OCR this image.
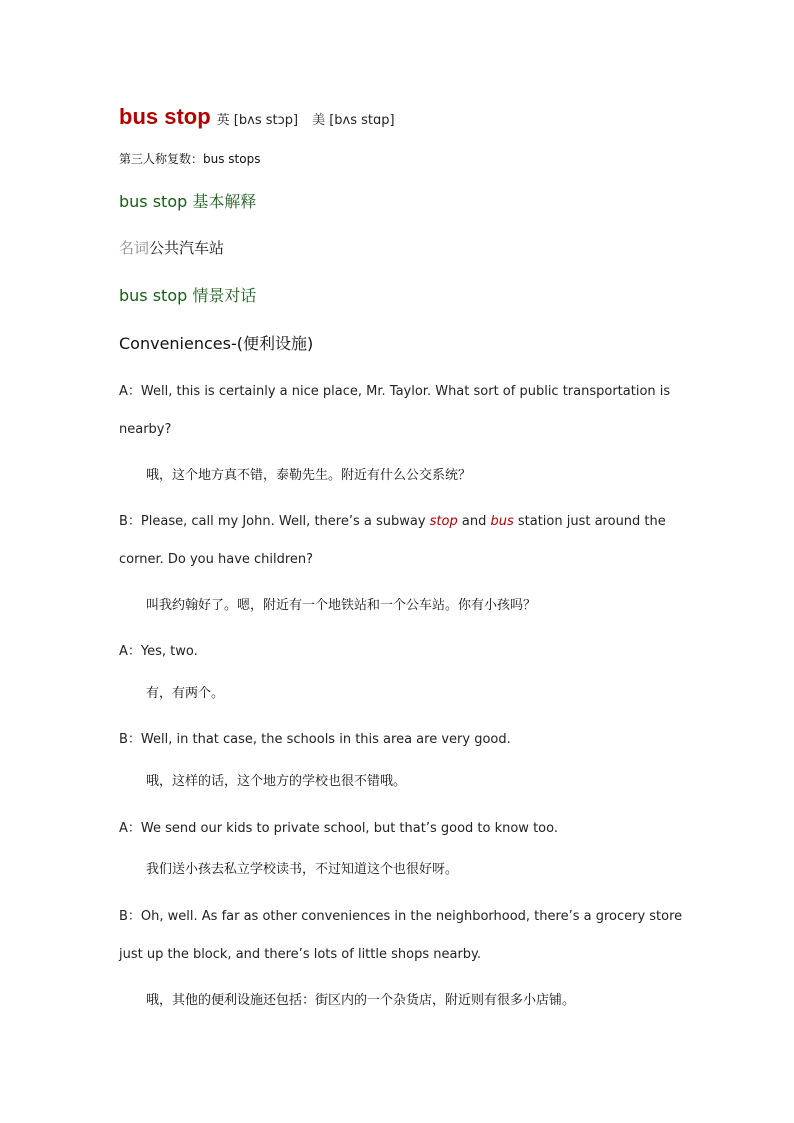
bus stop 英 [bʌs stɔp] 美 [bʌs stɑp]
第三人称复数：bus stops
bus stop 基本解释
名词公共汽车站
bus stop 情景对话
Conveniences-(便利设施)
A：Well, this is certainly a nice place, Mr. Taylor. What sort of public transportation is
nearby?
哦，这个地方真不错，泰勒先生。附近有什么公交系统？
B：Please, call my John. Well, there’s a subway stop and bus station just around the
corner. Do you have children?
叫我约翰好了。嗯，附近有一个地铁站和一个公车站。你有小孩吗？
A：Yes, two.
有，有两个。
B：Well, in that case, the schools in this area are very good.
哦，这样的话，这个地方的学校也很不错哦。
A：We send our kids to private school, but that’s good to know too.
我们送小孩去私立学校读书，不过知道这个也很好呀。
B：Oh, well. As far as other conveniences in the neighborhood, there’s a grocery store
just up the block, and there’s lots of little shops nearby.
哦，其他的便利设施还包括：街区内的一个杂货店，附近则有很多小店铺。
